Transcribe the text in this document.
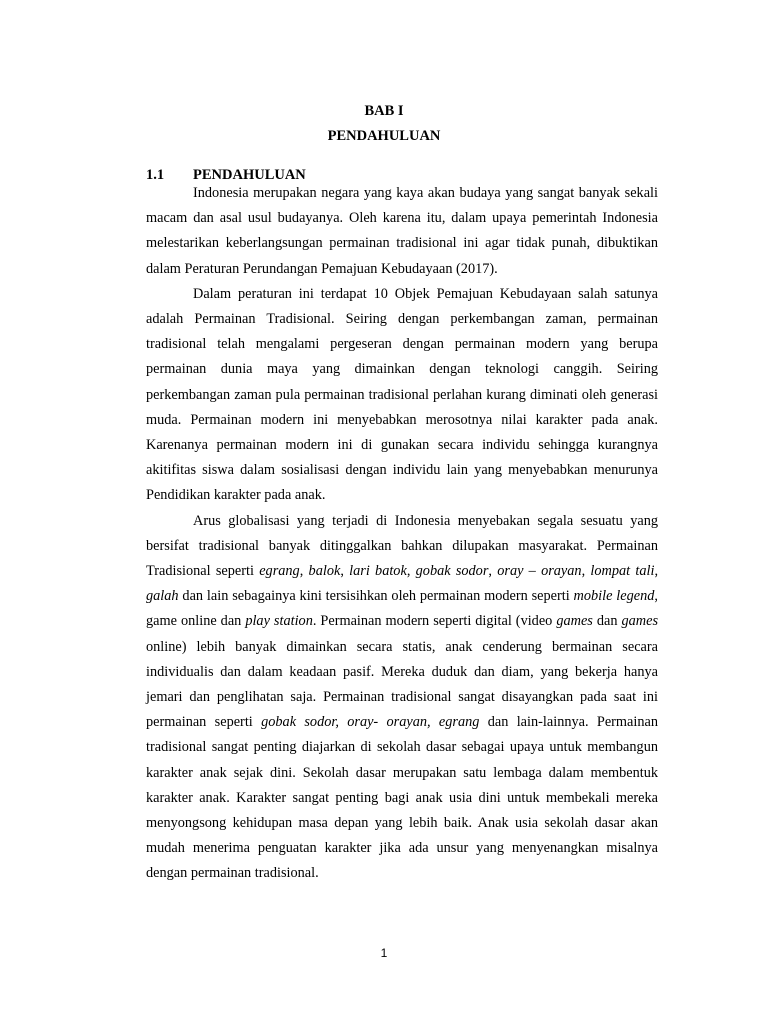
BAB I
PENDAHULUAN
1.1 PENDAHULUAN

Indonesia merupakan negara yang kaya akan budaya yang sangat banyak sekali macam dan asal usul budayanya. Oleh karena itu, dalam upaya pemerintah Indonesia melestarikan keberlangsungan permainan tradisional ini agar tidak punah, dibuktikan dalam Peraturan Perundangan Pemajuan Kebudayaan (2017).

Dalam peraturan ini terdapat 10 Objek Pemajuan Kebudayaan salah satunya adalah Permainan Tradisional. Seiring dengan perkembangan zaman, permainan tradisional telah mengalami pergeseran dengan permainan modern yang berupa permainan dunia maya yang dimainkan dengan teknologi canggih. Seiring perkembangan zaman pula permainan tradisional perlahan kurang diminati oleh generasi muda. Permainan modern ini menyebabkan merosotnya nilai karakter pada anak. Karenanya permainan modern ini di gunakan secara individu sehingga kurangnya akitifitas siswa dalam sosialisasi dengan individu lain yang menyebabkan menurunya Pendidikan karakter pada anak.

Arus globalisasi yang terjadi di Indonesia menyebakan segala sesuatu yang bersifat tradisional banyak ditinggalkan bahkan dilupakan masyarakat. Permainan Tradisional seperti egrang, balok, lari batok, gobak sodor, oray – orayan, lompat tali, galah dan lain sebagainya kini tersisihkan oleh permainan modern seperti mobile legend, game online dan play station. Permainan modern seperti digital (video games dan games online) lebih banyak dimainkan secara statis, anak cenderung bermainan secara individualis dan dalam keadaan pasif. Mereka duduk dan diam, yang bekerja hanya jemari dan penglihatan saja. Permainan tradisional sangat disayangkan pada saat ini permainan seperti gobak sodor, oray- orayan, egrang dan lain-lainnya. Permainan tradisional sangat penting diajarkan di sekolah dasar sebagai upaya untuk membangun karakter anak sejak dini. Sekolah dasar merupakan satu lembaga dalam membentuk karakter anak. Karakter sangat penting bagi anak usia dini untuk membekali mereka menyongsong kehidupan masa depan yang lebih baik. Anak usia sekolah dasar akan mudah menerima penguatan karakter jika ada unsur yang menyenangkan misalnya dengan permainan tradisional.

1
